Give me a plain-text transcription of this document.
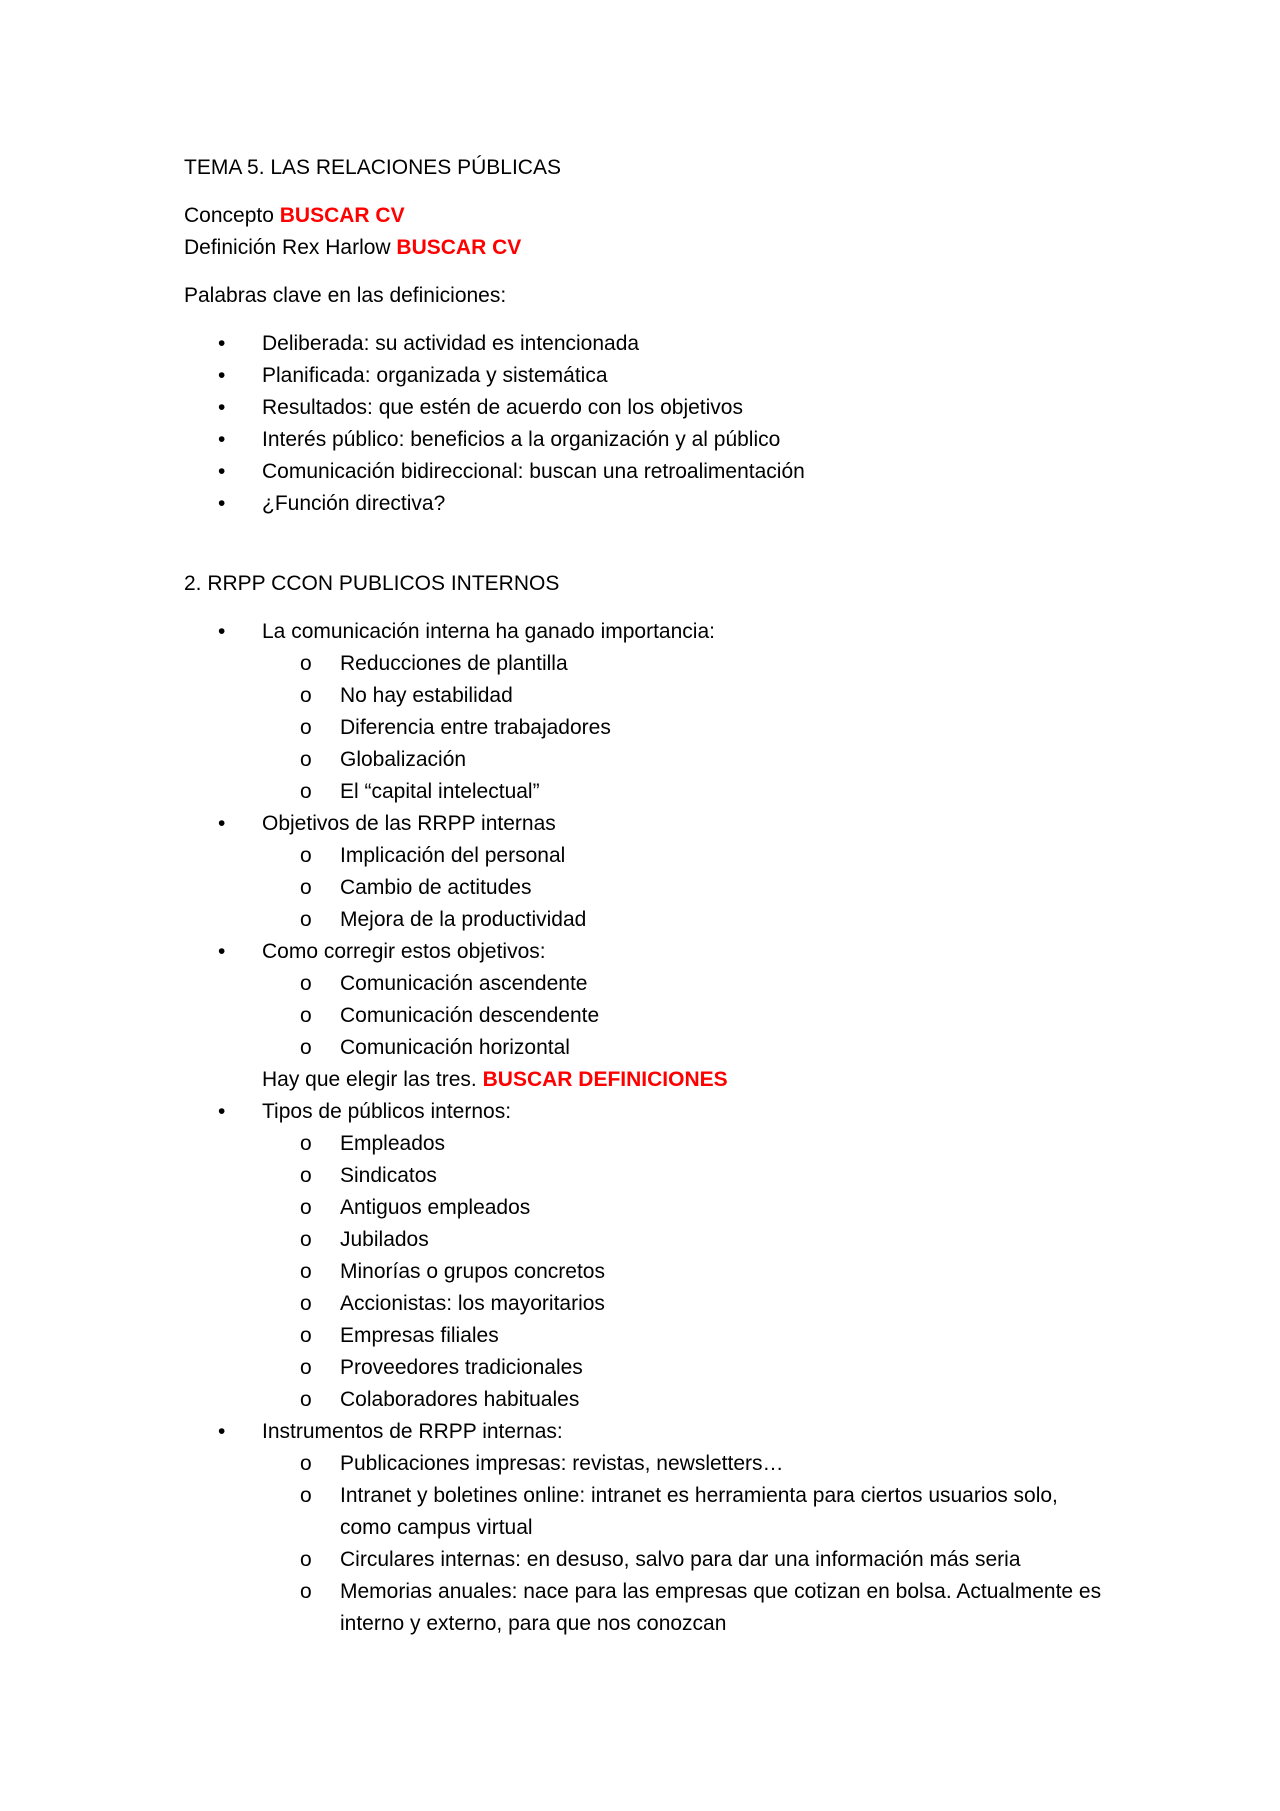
TEMA 5. LAS RELACIONES PÚBLICAS

Concepto BUSCAR CV

Definición Rex Harlow BUSCAR CV

Palabras clave en las definiciones:

•	Deliberada: su actividad es intencionada
•	Planificada: organizada y sistemática
•	Resultados: que estén de acuerdo con los objetivos
•	Interés público: beneficios a la organización y al público
•	Comunicación bidireccional: buscan una retroalimentación
•	¿Función directiva?

2. RRPP CCON PUBLICOS INTERNOS

•	La comunicación interna ha ganado importancia:
o	Reducciones de plantilla
o	No hay estabilidad
o	Diferencia entre trabajadores
o	Globalización
o	El “capital intelectual”
•	Objetivos de las RRPP internas
o	Implicación del personal
o	Cambio de actitudes
o	Mejora de la productividad
•	Como corregir estos objetivos:
o	Comunicación ascendente
o	Comunicación descendente
o	Comunicación horizontal
Hay que elegir las tres. BUSCAR DEFINICIONES
•	Tipos de públicos internos:
o	Empleados
o	Sindicatos
o	Antiguos empleados
o	Jubilados
o	Minorías o grupos concretos
o	Accionistas: los mayoritarios
o	Empresas filiales
o	Proveedores tradicionales
o	Colaboradores habituales
•	Instrumentos de RRPP internas:
o	Publicaciones impresas: revistas, newsletters…
o	Intranet y boletines online: intranet es herramienta para ciertos usuarios solo, como campus virtual
o	Circulares internas: en desuso, salvo para dar una información más seria
o	Memorias anuales: nace para las empresas que cotizan en bolsa. Actualmente es interno y externo, para que nos conozcan
